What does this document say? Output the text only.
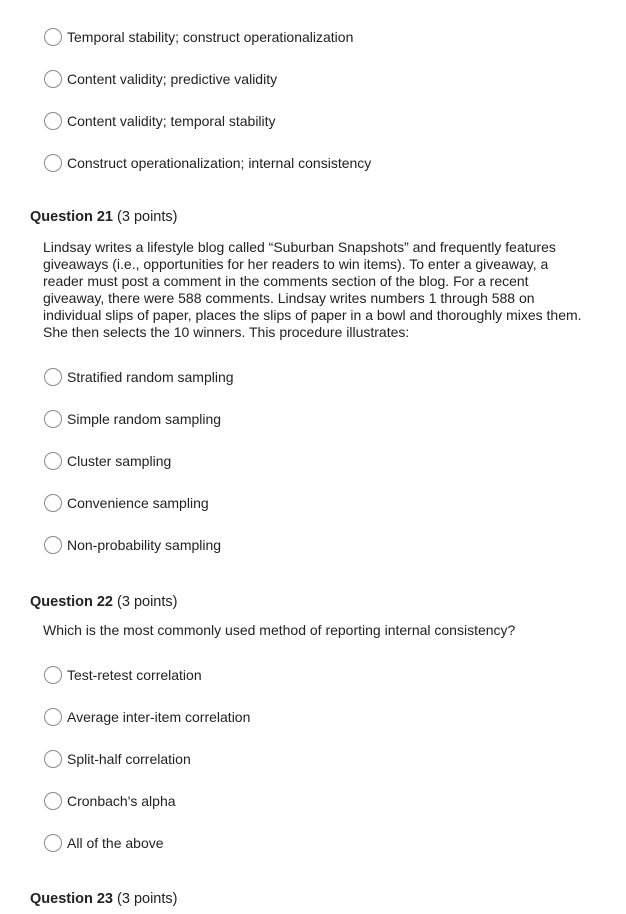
Temporal stability; construct operationalization
Content validity; predictive validity
Content validity; temporal stability
Construct operationalization; internal consistency
Question 21 (3 points)
Lindsay writes a lifestyle blog called “Suburban Snapshots” and frequently features giveaways (i.e., opportunities for her readers to win items). To enter a giveaway, a reader must post a comment in the comments section of the blog. For a recent giveaway, there were 588 comments. Lindsay writes numbers 1 through 588 on individual slips of paper, places the slips of paper in a bowl and thoroughly mixes them. She then selects the 10 winners. This procedure illustrates:
Stratified random sampling
Simple random sampling
Cluster sampling
Convenience sampling
Non-probability sampling
Question 22 (3 points)
Which is the most commonly used method of reporting internal consistency?
Test-retest correlation
Average inter-item correlation
Split-half correlation
Cronbach's alpha
All of the above
Question 23 (3 points)
